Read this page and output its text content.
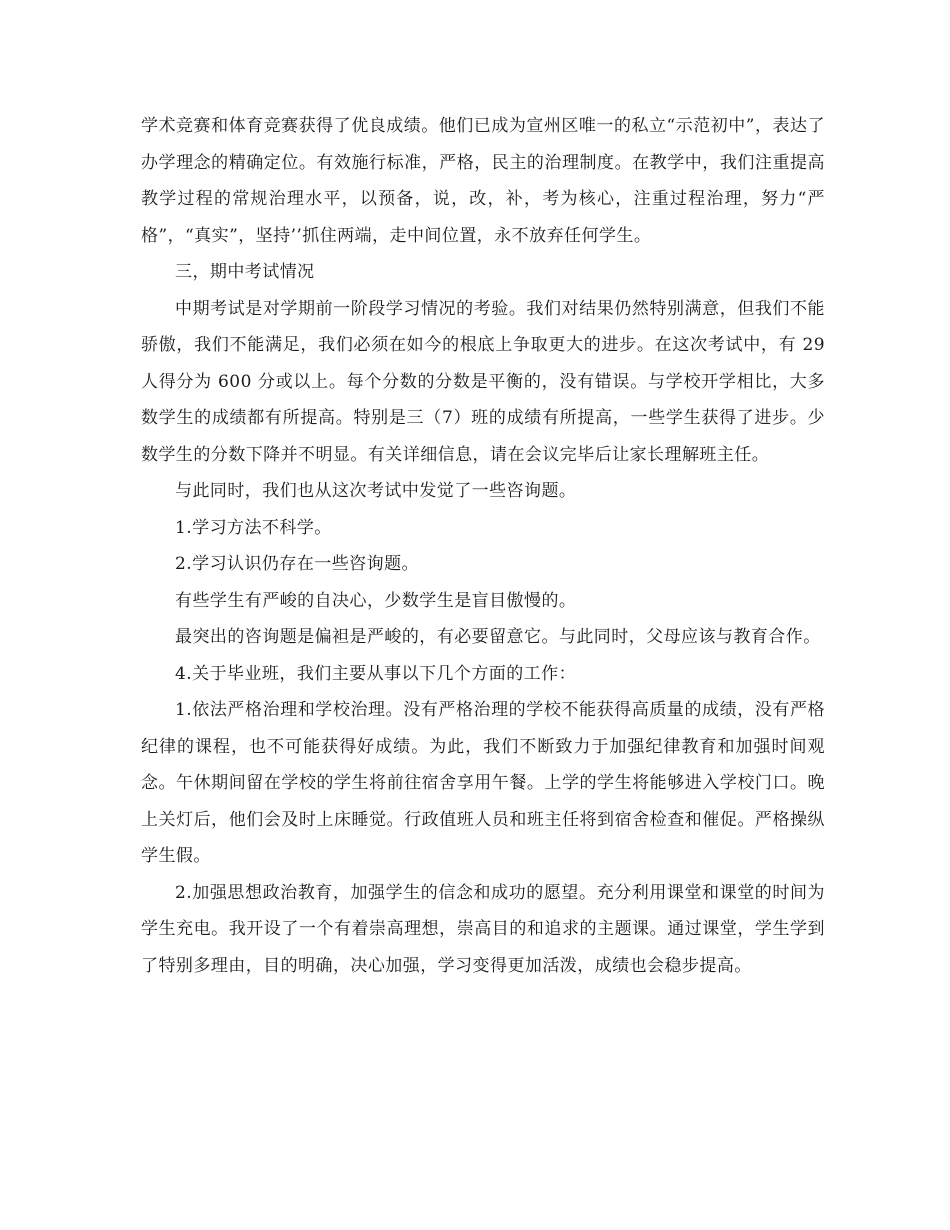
学术竞赛和体育竞赛获得了优良成绩。他们已成为宣州区唯一的私立“示范初中”，表达了办学理念的精确定位。有效施行标准，严格，民主的治理制度。在教学中，我们注重提高教学过程的常规治理水平，以预备，说，改，补，考为核心，注重过程治理，努力“严格”，“真实”，坚持’’抓住两端，走中间位置，永不放弃任何学生。

三，期中考试情况

中期考试是对学期前一阶段学习情况的考验。我们对结果仍然特别满意，但我们不能骄傲，我们不能满足，我们必须在如今的根底上争取更大的进步。在这次考试中，有 29 人得分为 600 分或以上。每个分数的分数是平衡的，没有错误。与学校开学相比，大多数学生的成绩都有所提高。特别是三（7）班的成绩有所提高，一些学生获得了进步。少数学生的分数下降并不明显。有关详细信息，请在会议完毕后让家长理解班主任。

与此同时，我们也从这次考试中发觉了一些咨询题。

1.学习方法不科学。

2.学习认识仍存在一些咨询题。

有些学生有严峻的自决心，少数学生是盲目傲慢的。

最突出的咨询题是偏袒是严峻的，有必要留意它。与此同时，父母应该与教育合作。

4.关于毕业班，我们主要从事以下几个方面的工作：

1.依法严格治理和学校治理。没有严格治理的学校不能获得高质量的成绩，没有严格纪律的课程，也不可能获得好成绩。为此，我们不断致力于加强纪律教育和加强时间观念。午休期间留在学校的学生将前往宿舍享用午餐。上学的学生将能够进入学校门口。晚上关灯后，他们会及时上床睡觉。行政值班人员和班主任将到宿舍检查和催促。严格操纵学生假。

2.加强思想政治教育，加强学生的信念和成功的愿望。充分利用课堂和课堂的时间为学生充电。我开设了一个有着崇高理想，崇高目的和追求的主题课。通过课堂，学生学到了特别多理由，目的明确，决心加强，学习变得更加活泼，成绩也会稳步提高。
